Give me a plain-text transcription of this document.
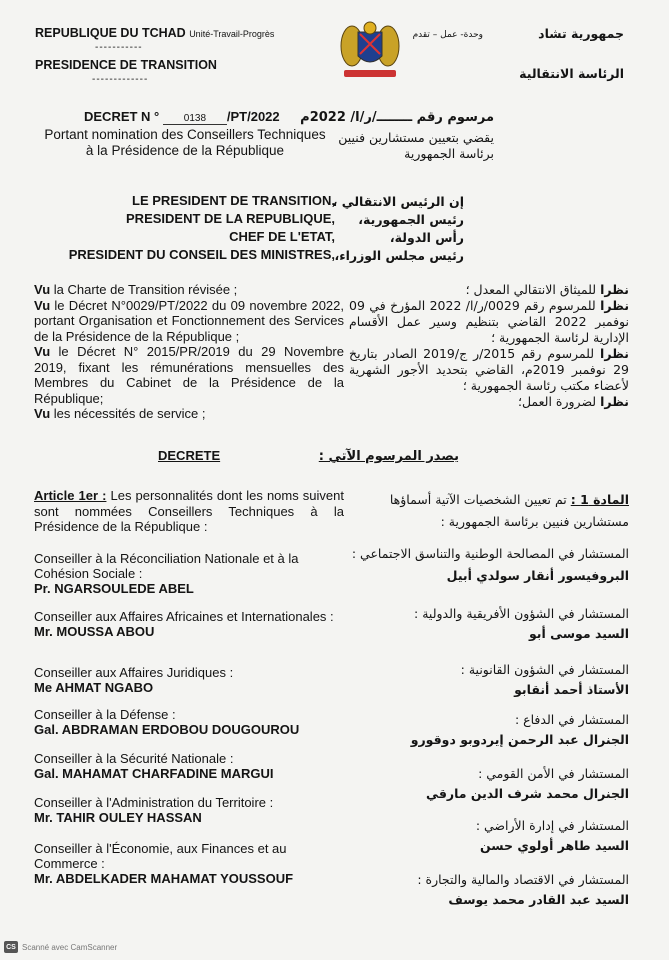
REPUBLIQUE DU TCHAD Unité-Travail-Progrès
-----------
PRESIDENCE DE TRANSITION
-------------
جمهورية تشاد
وحدة- عمل – تقدم
الرئاسة الانتقالية
DECRET N ° 0138 /PT/2022
Portant nomination des Conseillers Techniques
à la Présidence de la République
مرسوم رقم ــــــــ/ر/ا/ 2022م
يقضي بتعيين مستشارين فنيين
برئاسة الجمهورية
LE PRESIDENT DE TRANSITION,
PRESIDENT DE LA REPUBLIQUE,
CHEF DE L'ETAT,
PRESIDENT DU CONSEIL DES MINISTRES,
إن الرئيس الانتقالي ،
رئيس الجمهورية،
رأس الدولة،
رئيس مجلس الوزراء،
Vu la Charte de Transition révisée ;
Vu le Décret N°0029/PT/2022 du 09 novembre 2022, portant Organisation et Fonctionnement des Services de la Présidence de la République ;
Vu le Décret N° 2015/PR/2019 du 29 Novembre 2019, fixant les rémunérations mensuelles des Membres du Cabinet de la Présidence de la République;
Vu les nécessités de service ;
نظرا للميثاق الانتقالي المعدل ؛
نظرا للمرسوم رقم 0029/ر/ا/ 2022 المؤرخ في 09 نوفمبر 2022 القاضي بتنظيم وسير عمل الأقسام الإدارية لرئاسة الجمهورية ؛
نظرا للمرسوم رقم 2015/ر ج/2019 الصادر بتاريخ 29 نوفمبر 2019م، القاضي بتحديد الأجور الشهرية لأعضاء مكتب رئاسة الجمهورية ؛
نظرا لضرورة العمل؛
DECRETE	يصدر المرسوم الآتي :
Article 1er : Les personnalités dont les noms suivent sont nommées Conseillers Techniques à la Présidence de la République :
المادة 1 : تم تعيين الشخصيات الآتية أسماؤها مستشارين فنيين برئاسة الجمهورية :
Conseiller à la Réconciliation Nationale et à la Cohésion Sociale :
Pr. NGARSOULEDE ABEL
Conseiller aux Affaires Africaines et Internationales :
Mr. MOUSSA ABOU
Conseiller aux Affaires Juridiques :
Me AHMAT NGABO
Conseiller à la Défense :
Gal. ABDRAMAN ERDOBOU DOUGOUROU
Conseiller à la Sécurité Nationale :
Gal. MAHAMAT CHARFADINE MARGUI
Conseiller à l'Administration du Territoire :
Mr. TAHIR OULEY HASSAN
Conseiller à l'Économie, aux Finances et au Commerce :
Mr. ABDELKADER MAHAMAT YOUSSOUF
المستشار في المصالحة الوطنية والتناسق الاجتماعي :
البروفيسور أنقار سولدي أبيل
المستشار في الشؤون الأفريقية والدولية :
السيد موسى أبو
المستشار في الشؤون القانونية :
الأستاذ أحمد أنقابو
المستشار في الدفاع :
الجنرال عبد الرحمن إيردوبو دوقورو
المستشار في الأمن القومي :
الجنرال محمد شرف الدين مارقي
المستشار في إدارة الأراضي :
السيد طاهر أولوي حسن
المستشار في الاقتصاد والمالية والتجارة :
السيد عبد القادر محمد يوسف
CS Scanné avec CamScanner
